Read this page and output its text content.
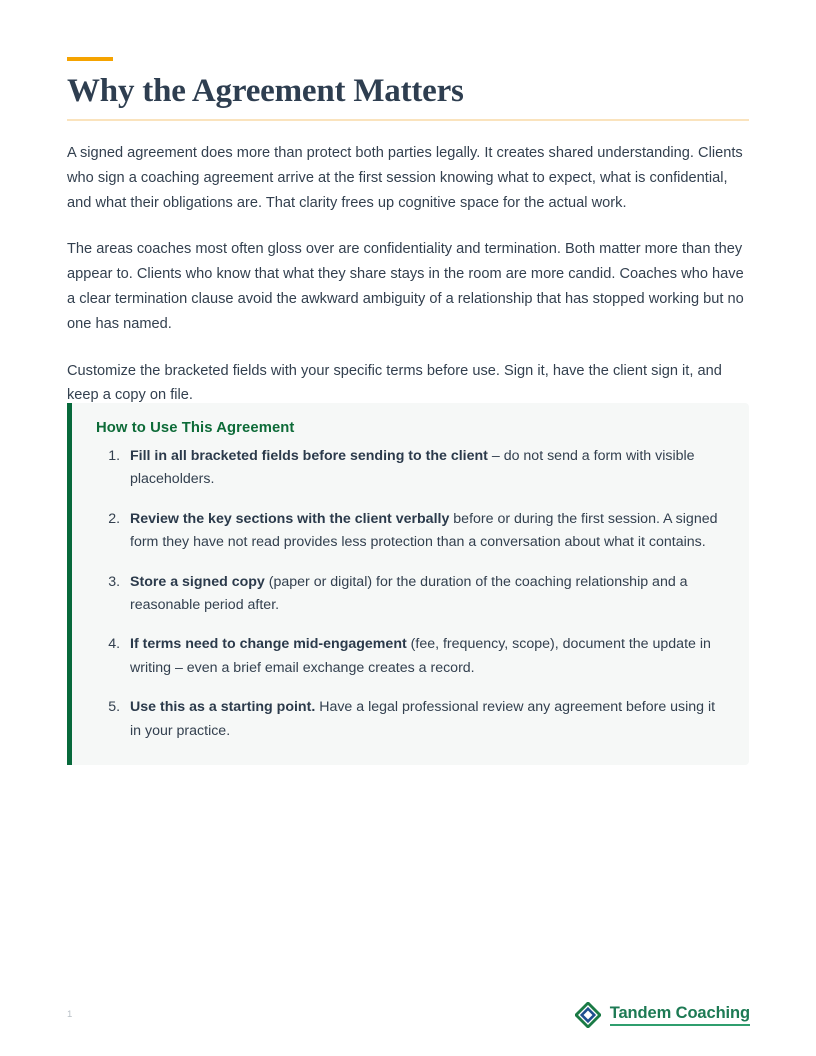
Why the Agreement Matters

A signed agreement does more than protect both parties legally. It creates shared understanding. Clients who sign a coaching agreement arrive at the first session knowing what to expect, what is confidential, and what their obligations are. That clarity frees up cognitive space for the actual work.

The areas coaches most often gloss over are confidentiality and termination. Both matter more than they appear to. Clients who know that what they share stays in the room are more candid. Coaches who have a clear termination clause avoid the awkward ambiguity of a relationship that has stopped working but no one has named.

Customize the bracketed fields with your specific terms before use. Sign it, have the client sign it, and keep a copy on file.

How to Use This Agreement
1. Fill in all bracketed fields before sending to the client – do not send a form with visible placeholders.
2. Review the key sections with the client verbally before or during the first session. A signed form they have not read provides less protection than a conversation about what it contains.
3. Store a signed copy (paper or digital) for the duration of the coaching relationship and a reasonable period after.
4. If terms need to change mid-engagement (fee, frequency, scope), document the update in writing – even a brief email exchange creates a record.
5. Use this as a starting point. Have a legal professional review any agreement before using it in your practice.
1	Tandem Coaching
